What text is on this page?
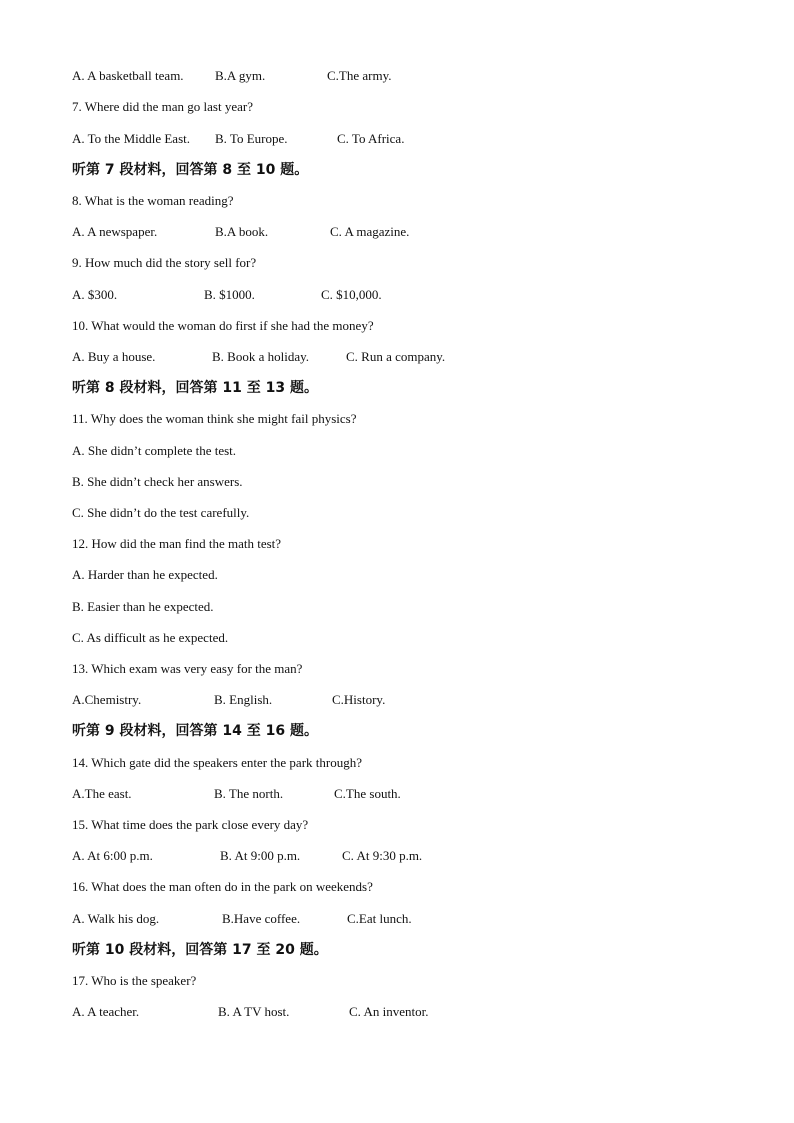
A. A basketball team. B.A gym.	C.The army.
7. Where did the man go last year?
A. To the Middle East. B. To Europe.	C. To Africa.
听第 7 段材料，回答第 8 至 10 题。
8. What is the woman reading?
A. A newspaper.	B.A book.	C. A magazine.
9. How much did the story sell for?
A. $300.	B. $1000.	C. $10,000.
10. What would the woman do first if she had the money?
A. Buy a house.	B. Book a holiday.	C. Run a company.
听第 8 段材料，回答第 11 至 13 题。
11. Why does the woman think she might fail physics?
A. She didn’t complete the test.
B. She didn’t check her answers.
C. She didn’t do the test carefully.
12. How did the man find the math test?
A. Harder than he expected.
B. Easier than he expected.
C. As difficult as he expected.
13. Which exam was very easy for the man?
A.Chemistry.	B. English.	C.History.
听第 9 段材料，回答第 14 至 16 题。
14. Which gate did the speakers enter the park through?
A.The east.	B. The north.	C.The south.
15. What time does the park close every day?
A. At 6:00 p.m.	B. At 9:00 p.m.	C. At 9:30 p.m.
16. What does the man often do in the park on weekends?
A. Walk his dog.	B.Have coffee.	C.Eat lunch.
听第 10 段材料，回答第 17 至 20 题。
17. Who is the speaker?
A. A teacher.	B. A TV host.	C. An inventor.
